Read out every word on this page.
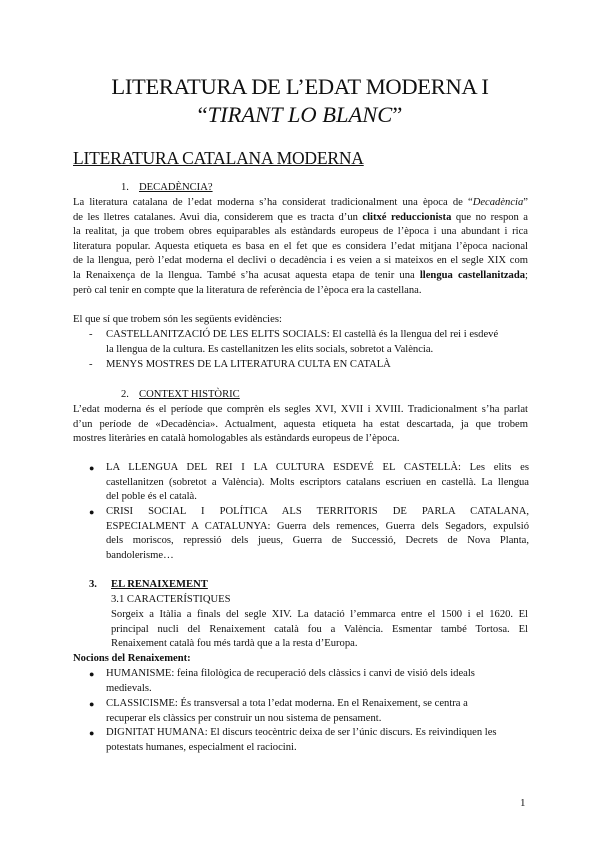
LITERATURA DE L’EDAT MODERNA I
“TIRANT LO BLANC”
LITERATURA CATALANA MODERNA
1. DECADÈNCIA?
La literatura catalana de l’edat moderna s’ha considerat tradicionalment una època de “Decadència”
de les lletres catalanes. Avui dia, considerem que es tracta d’un clitxé reduccionista que no respon a
la realitat, ja que trobem obres equiparables als estàndards europeus de l’època i una abundant i rica
literatura popular. Aquesta etiqueta es basa en el fet que es considera l’edat mitjana l’època nacional
de la llengua, però l’edat moderna el declivi o decadència i es veien a si mateixos en el segle XIX com
la Renaixença de la llengua. També s’ha acusat aquesta etapa de tenir una llengua castellanitzada;
però cal tenir en compte que la literatura de referència de l’època era la castellana.
El que sí que trobem són les següents evidències:
- CASTELLANITZACIÓ DE LES ELITS SOCIALS: El castellà és la llengua del rei i esdevé
la llengua de la cultura. Es castellanitzen les elits socials, sobretot a València.
- MENYS MOSTRES DE LA LITERATURA CULTA EN CATALÀ
2. CONTEXT HISTÒRIC
L’edat moderna és el període que comprèn els segles XVI, XVII i XVIII. Tradicionalment s’ha parlat
d’un període de «Decadència». Actualment, aquesta etiqueta ha estat descartada, ja que trobem
mostres literàries en català homologables als estàndards europeus de l’època.
● LA LLENGUA DEL REI I LA CULTURA ESDEVÉ EL CASTELLÀ: Les elits es
castellanitzen (sobretot a València). Molts escriptors catalans escriuen en castellà. La llengua
del poble és el català.
● CRISI SOCIAL I POLÍTICA ALS TERRITORIS DE PARLA CATALANA,
ESPECIALMENT A CATALUNYA: Guerra dels remences, Guerra dels Segadors, expulsió
dels moriscos, repressió dels jueus, Guerra de Successió, Decrets de Nova Planta,
bandolerisme…
3. EL RENAIXEMENT
3.1 CARACTERÍSTIQUES
Sorgeix a Itàlia a finals del segle XIV. La datació l’emmarca entre el 1500 i el 1620. El
principal nucli del Renaixement català fou a València. Esmentar també Tortosa. El
Renaixement català fou més tardà que a la resta d’Europa.
Nocions del Renaixement:
● HUMANISME: feina filològica de recuperació dels clàssics i canvi de visió dels ideals
medievals.
● CLASSICISME: És transversal a tota l’edat moderna. En el Renaixement, se centra a
recuperar els clàssics per construir un nou sistema de pensament.
● DIGNITAT HUMANA: El discurs teocèntric deixa de ser l’únic discurs. Es reivindiquen les
potestats humanes, especialment el raciocini.
1
